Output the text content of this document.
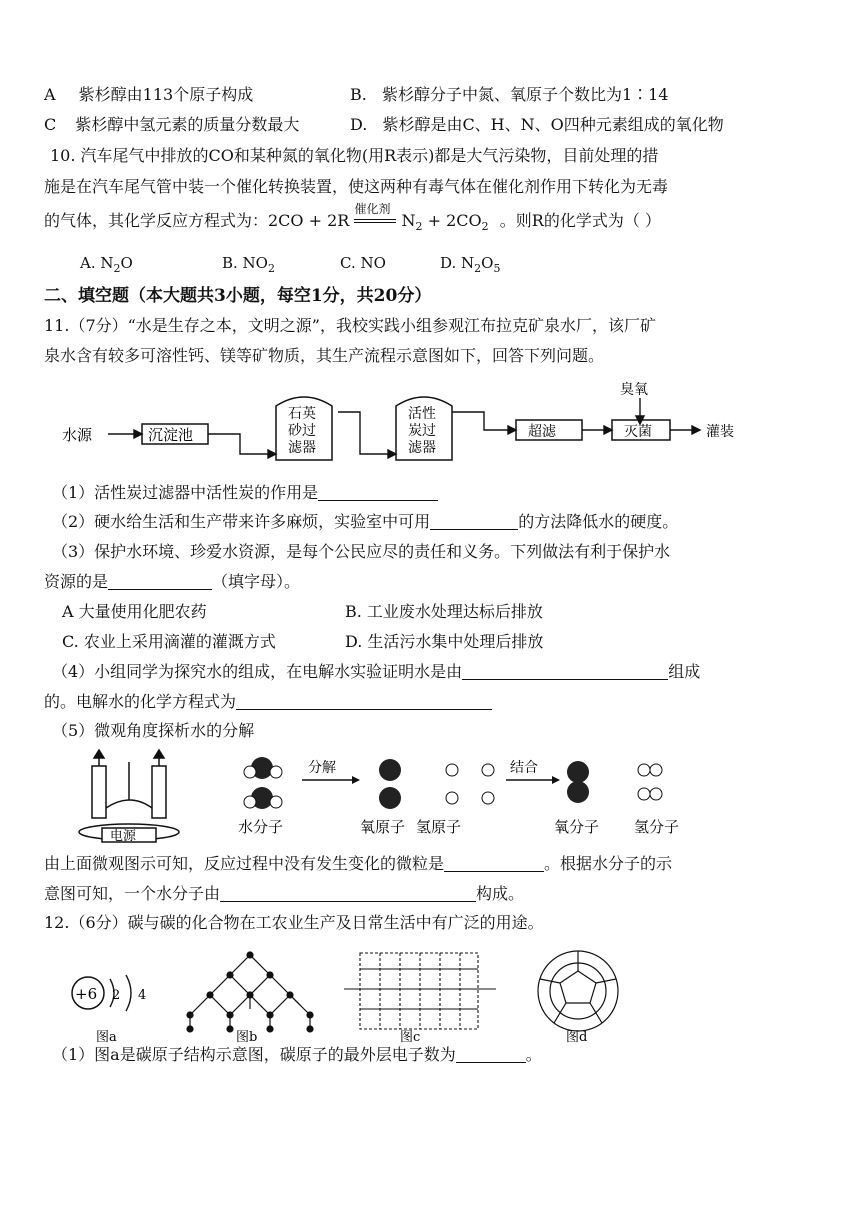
A 紫杉醇由113个原子构成	B. 紫杉醇分子中氮、氧原子个数比为1∶14
C 紫杉醇中氢元素的质量分数最大	D. 紫杉醇是由C、H、N、O四种元素组成的氧化物
10. 汽车尾气中排放的CO和某种氮的氧化物(用R表示)都是大气污染物，目前处理的措
施是在汽车尾气管中装一个催化转换装置，使这两种有毒气体在催化剂作用下转化为无毒
的气体，其化学反应方程式为：2CO + 2R
催化剂
$N_2 + 2CO_2$ 。则R的化学式为（ ）
A. $N_2O$	B. $NO_2$	C. NO	D. $N_2O_5$
二、填空题（本大题共3小题，每空1分，共20分）
11.（7分）“水是生存之本，文明之源”，我校实践小组参观江布拉克矿泉水厂，该厂矿
泉水含有较多可溶性钙、镁等矿物质，其生产流程示意图如下，回答下列问题。
水源	沉淀池
石英
砂过
滤器
活性
炭过
滤器
超滤	灭菌
臭氧
灌装
（1）活性炭过滤器中活性炭的作用是
（2）硬水给生活和生产带来许多麻烦，实验室中可用	的方法降低水的硬度。
（3）保护水环境、珍爱水资源，是每个公民应尽的责任和义务。下列做法有利于保护水
资源的是	（填字母）。
A 大量使用化肥农药	B. 工业废水处理达标后排放
C. 农业上采用滴灌的灌溉方式	D. 生活污水集中处理后排放
（4）小组同学为探究水的组成，在电解水实验证明水是由	组成
的。电解水的化学方程式为
（5）微观角度探析水的分解
电源
分解	结合
水分子	氧原子 氢原子	氧分子 氢分子
由上面微观图示可知，反应过程中没有发生变化的微粒是	。根据水分子的示
意图可知，一个水分子由	构成。
12.（6分）碳与碳的化合物在工农业生产及日常生活中有广泛的用途。
+6 2 4
图a	图b	图c	图d
（1）图a是碳原子结构示意图，碳原子的最外层电子数为	。
